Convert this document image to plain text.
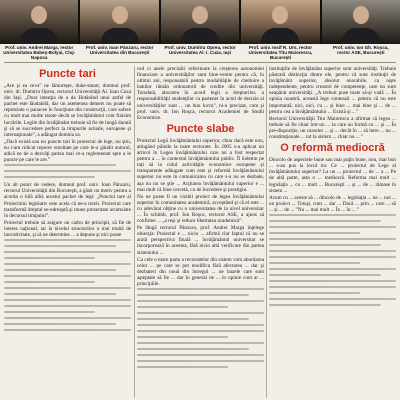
Prof. univ. Andrei Marga, rector
Universitatea Babeş-Bolyai, Cluj-Napoca
Prof. univ. Ioan Pânzaru, rector
Universitatea din Bucureşti
Prof. univ. Dumitru Oprea, rector
Universitatea Al. I. Cuza, Iaşi
Prof. univ. Iosif R. Urs, rector
Universitatea Titu Maiorescu, Bucureşti
Prof. univ. Ion Gh. Roşca,
rector ASE, Bucureşti
Puncte tari

„Are şi ea ceva” ne lămureşte, duke-smart, domnul prof. univ. dr. Dumitru Oprea, rectorul Universităţii Al. Ioan Cuza din Iaşi. „Doar intenţia de a da Hotărând unui astfel de pachet este lăudabilă, dar un asemenea demers nu poate să reprezinte o panacee în funcţiune din construcţii, care sufere cu mult mai multe tarote decât se învăţământul cont finisim lucrările. Legile din învăţământ trebuie să fie de lungă durată şi să se succedere perfect la timpurile actuale, europene şi internaţionale”, a adăugat domnia sa.

„Dacă există sau nu puncte tari în proiectul de lege, nu ştiu, eu i-am ridicat reporte rezultate pe care le-a gândit autorul, adică ne de a dezvăţi partea mai ce-a reglementat spre a le puncte pe care le are.”

Un alt punct de vedere, domnul prof. univ. Ioan Pânzaru, rectorul Universităţii din Bucureşti, a găsit un motiv pentru a acorda o bilă albă acestui pachet de legi: „Punctul tare al Proiectului legislativ este acela că ne-a trezit. Proiectul care transformă dreptul se-ndreaptă şi mune prezentate acumulate în decursul timpului”.

Proiectul trebuie să asigure un cadru de principii, să fie de interes naţional, iar la nivelul structurilor o mai multă de inovativitate, şi să ne determine ... a depune şi nici poate

ced ci anele precizări referitoare la creşterea autonomiei financiare a universităţilor sunt bine-venite pentru că, în ultimii ani, responsabili pentru modalităţile de cheltuire a banilor rămân ordonatorii de credite din universităţi. Totodată, alocarea în acord legii a drepturilor, a responsabilităţii studenţilor ca partener în actul de decizie al universităţilor sunt ... un bun lucru”, ni-a precizat, cum şi prof. univ. dr. Ion Roşca, rectorul Academiei de Studii Economice.

Puncte slabe

Proiectul Legii învăţământului superior, chiar dacă este nou, atingând pâinile la toate rectorate. În 2005 s-a aplicat un articol în Legea învăţământului care nu a fost respectat pentru a ... în contextul învăţământului public. Îl îndemn pe toţi să la colul activităţile economice europene şi transparente adăugate cum este şi reformă învăţământului superior nu este în comunicarea cu care s-a nu se dezbate, aşa nu nu se ştie ... Acţiunea învăţământului superior e ... mai mult că bine cercetă, cu de încredere şi prestigiu.

Nu ne poate fi un vizibil proiect de legea învăţământului superior în comunitatea academică, acceptând şi că el este ... cu adevărat obţine cu o universitatea de la nivel universitar ... În schimb, prof. Ion Roşca, rectorul ASE, a ajuns să confirme ... „a reşi şi reduce libertatea academică”.

Pe lângă rectorul Pânzaru, prof. Andrei Marga înţelege obiecţia: Proiectul e ... nicio ... afirmă clar faptul că nu se arată perspectiva finală ... învăţământul universitar se încorporează în acestea, fără nicio altă verificare din partea sistemului ...

Cu cele o mare parte a rectoratelor din sistem vom abordarea celor ... pe care se pot modifica fără afectarea ... dar şi dezbateri din nouă din întregul ... ne bazele care sunt aşteptate să fie ... dar în general ne ... în opinie cum ar ... principiile.

instituţiile de învăţământ superior sunt universităţi. Trebuie păstrată distincţia dintre ele, pentru că sunt instituţii de învăţământ superior, absolut onorabile, ca nişte independente, pentru creatori de competenţe, care nu sunt neapărat universităţi. „A trebuit puse toate să-şi vadă ... În opinia noastră, această lege contează ... pentru că nu este importantă, nici, nici, cu ... şi bine ... mai bine şi ... de ... pentru cea a învăţământului ... Există şi ...”

Rectorul Universităţii Titu Maiorescu a afirmat că legea ... trebuie să fie chiar într-un ... la care au formă cu ... şi ... În pre-dispoziţie, un caracter ... şi ... decât în ... să intre ... nu ... constituţionale ... tot la sistem ... chiar nu ... ”

O reformă mediocră

Dincolo de aspectele bune sau mai puţin bune, nou, mai bun ... s-au pus la locul lor. Ce ... proiectul de Lege al învăţământului superior? La un ... proiectul ... de ... a ... Pe de altă parte, asta o ... mediocră. Reforma mai mult ... legislaţia ... cu ... mult ... Bucureşti ... şi ... de ... rămase în sistem ...

Acum cu ... aceste să ... dincolo de ... legislaţia ... ne ... noi ... un proiect ... Totuşi, cum ... dar ... Dacă ... prin ... care ... să ... şi ... de ... ”Nu ... mai mult ... În ... în ... ”
